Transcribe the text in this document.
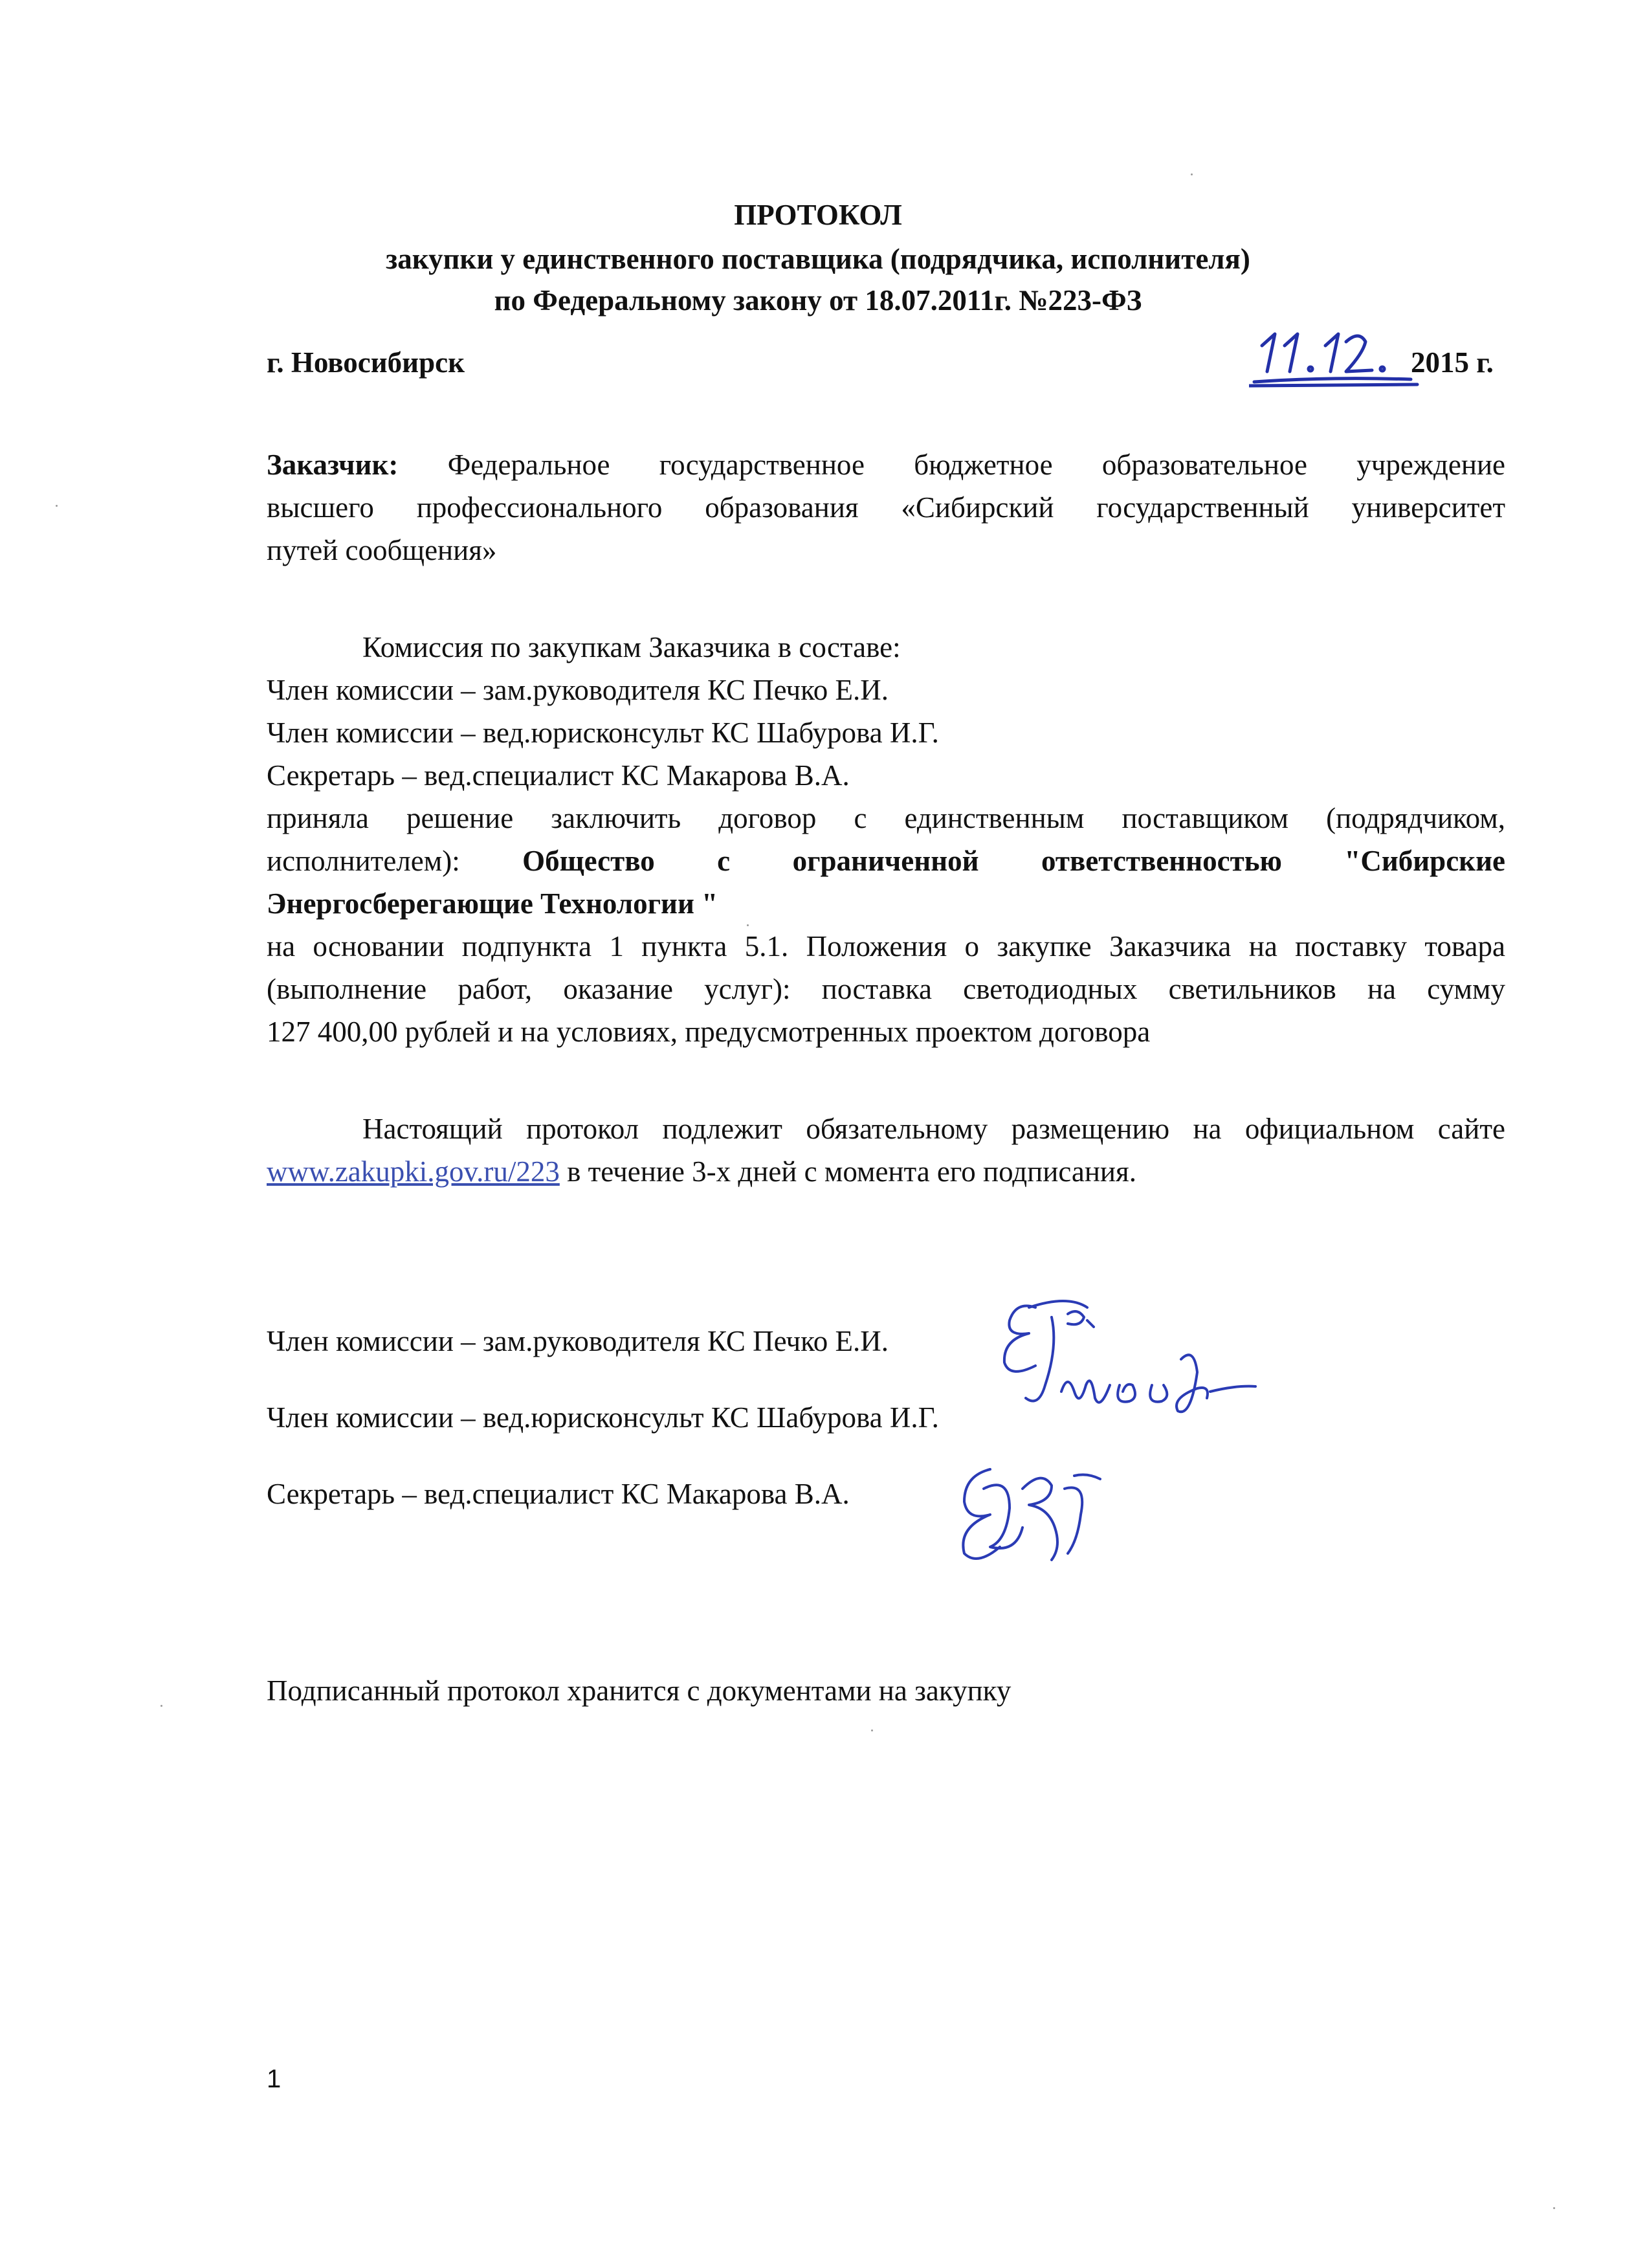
ПРОТОКОЛ
закупки у единственного поставщика (подрядчика, исполнителя)
по Федеральному закону от 18.07.2011г. №223-ФЗ
г. Новосибирск	2015 г.
Заказчик: Федеральное государственное бюджетное образовательное учреждение
высшего профессионального образования «Сибирский государственный университет
путей сообщения»
Комиссия по закупкам Заказчика в составе:
Член комиссии – зам.руководителя КС Печко Е.И.
Член комиссии – вед.юрисконсульт КС Шабурова И.Г.
Секретарь – вед.специалист КС Макарова В.А.
приняла решение заключить договор с единственным поставщиком (подрядчиком,
исполнителем): Общество с ограниченной ответственностью "Сибирские
Энергосберегающие Технологии "
на основании подпункта 1 пункта 5.1. Положения о закупке Заказчика на поставку товара
(выполнение работ, оказание услуг): поставка светодиодных светильников на сумму
127 400,00 рублей и на условиях, предусмотренных проектом договора
Настоящий протокол подлежит обязательному размещению на официальном сайте
www.zakupki.gov.ru/223 в течение 3-х дней с момента его подписания.
Член комиссии – зам.руководителя КС Печко Е.И.
Член комиссии – вед.юрисконсульт КС Шабурова И.Г.
Секретарь – вед.специалист КС Макарова В.А.
Подписанный протокол хранится с документами на закупку
1
